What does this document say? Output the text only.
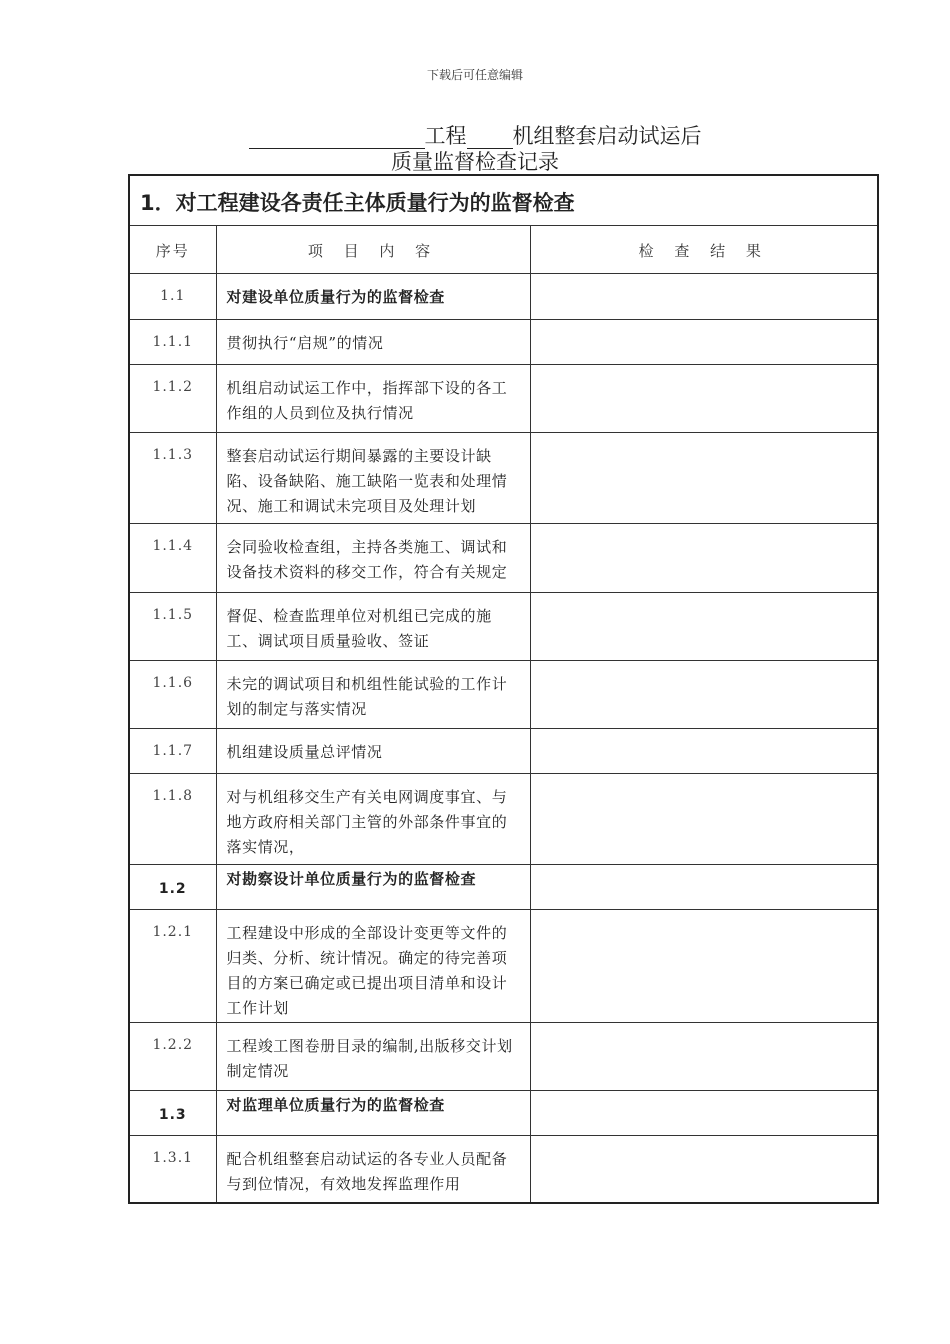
下载后可任意编辑
工程 机组整套启动试运后
质量监督检查记录
1．对工程建设各责任主体质量行为的监督检查		

序号	项 目 内 容	检 查 结 果

1.1	对建设单位质量行为的监督检查	

1.1.1	贯彻执行“启规”的情况	

1.1.2	机组启动试运工作中，指挥部下设的各工作组的人员到位及执行情况	

1.1.3	整套启动试运行期间暴露的主要设计缺陷、设备缺陷、施工缺陷一览表和处理情况、施工和调试未完项目及处理计划	

1.1.4	会同验收检查组，主持各类施工、调试和设备技术资料的移交工作，符合有关规定	

1.1.5	督促、检查监理单位对机组已完成的施工、调试项目质量验收、签证	

1.1.6	未完的调试项目和机组性能试验的工作计划的制定与落实情况	

1.1.7	机组建设质量总评情况	

1.1.8	对与机组移交生产有关电网调度事宜、与地方政府相关部门主管的外部条件事宜的落实情况，	

1.2	对勘察设计单位质量行为的监督检查	

1.2.1	工程建设中形成的全部设计变更等文件的归类、分析、统计情况。确定的待完善项目的方案已确定或已提出项目清单和设计工作计划	

1.2.2	工程竣工图卷册目录的编制,出版移交计划制定情况	

1.3	对监理单位质量行为的监督检查	

1.3.1	配合机组整套启动试运的各专业人员配备与到位情况，有效地发挥监理作用	
